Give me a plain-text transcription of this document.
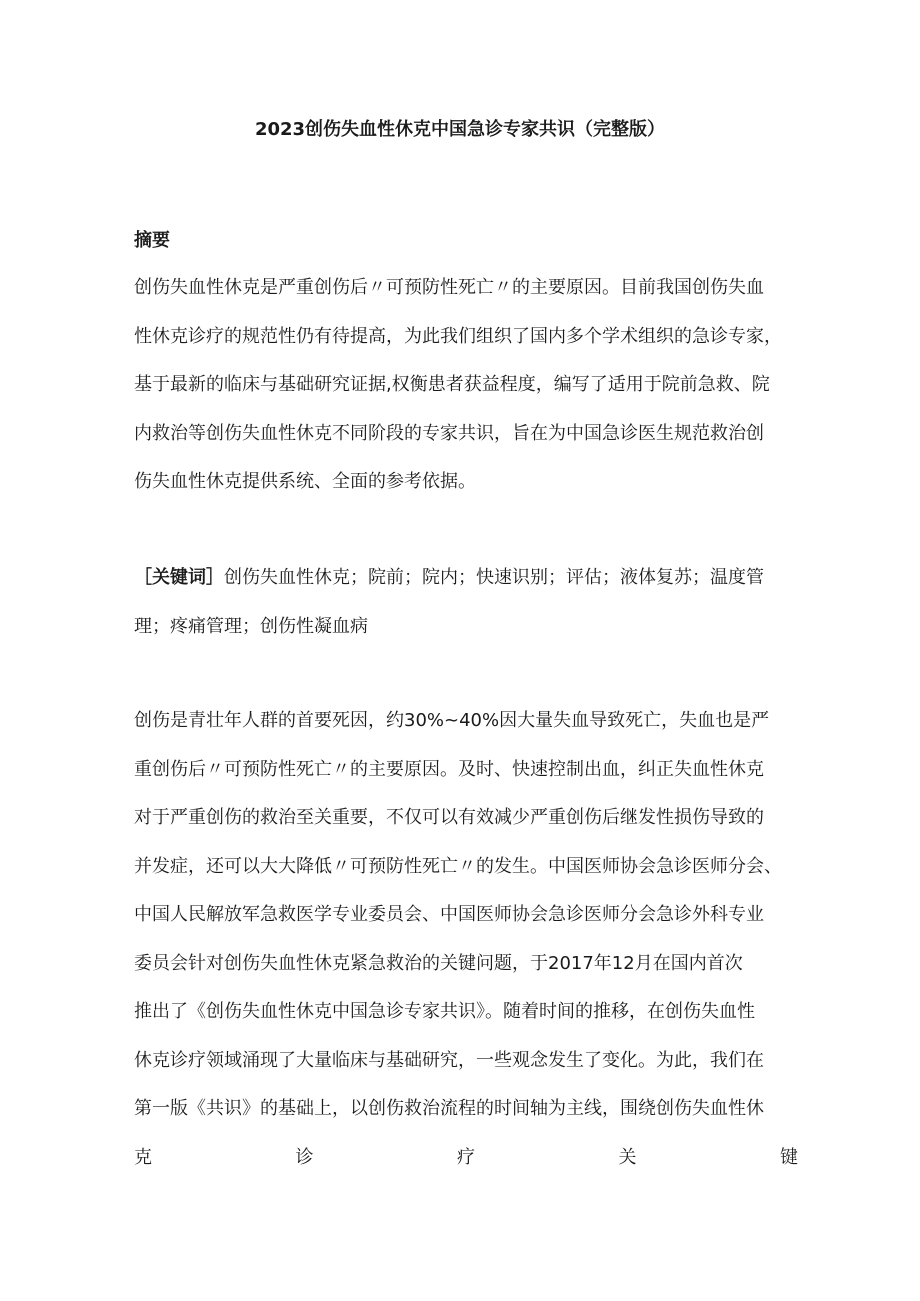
2023创伤失血性休克中国急诊专家共识（完整版）
摘要
创伤失血性休克是严重创伤后〃可预防性死亡〃的主要原因。目前我国创伤失血
性休克诊疗的规范性仍有待提高，为此我们组织了国内多个学术组织的急诊专家，
基于最新的临床与基础研究证据,权衡患者获益程度，编写了适用于院前急救、院
内救治等创伤失血性休克不同阶段的专家共识，旨在为中国急诊医生规范救治创
伤失血性休克提供系统、全面的参考依据。
［关键词］创伤失血性休克；院前；院内；快速识别；评估；液体复苏；温度管
理；疼痛管理；创伤性凝血病
创伤是青壮年人群的首要死因，约30%~40%因大量失血导致死亡，失血也是严
重创伤后〃可预防性死亡〃的主要原因。及时、快速控制出血，纠正失血性休克
对于严重创伤的救治至关重要，不仅可以有效减少严重创伤后继发性损伤导致的
并发症，还可以大大降低〃可预防性死亡〃的发生。中国医师协会急诊医师分会、
中国人民解放军急救医学专业委员会、中国医师协会急诊医师分会急诊外科专业
委员会针对创伤失血性休克紧急救治的关键问题，于2017年12月在国内首次
推出了《创伤失血性休克中国急诊专家共识》。随着时间的推移，在创伤失血性
休克诊疗领域涌现了大量临床与基础研究，一些观念发生了变化。为此，我们在
第一版《共识》的基础上，以创伤救治流程的时间轴为主线，围绕创伤失血性休
克	诊	疗	关	键
